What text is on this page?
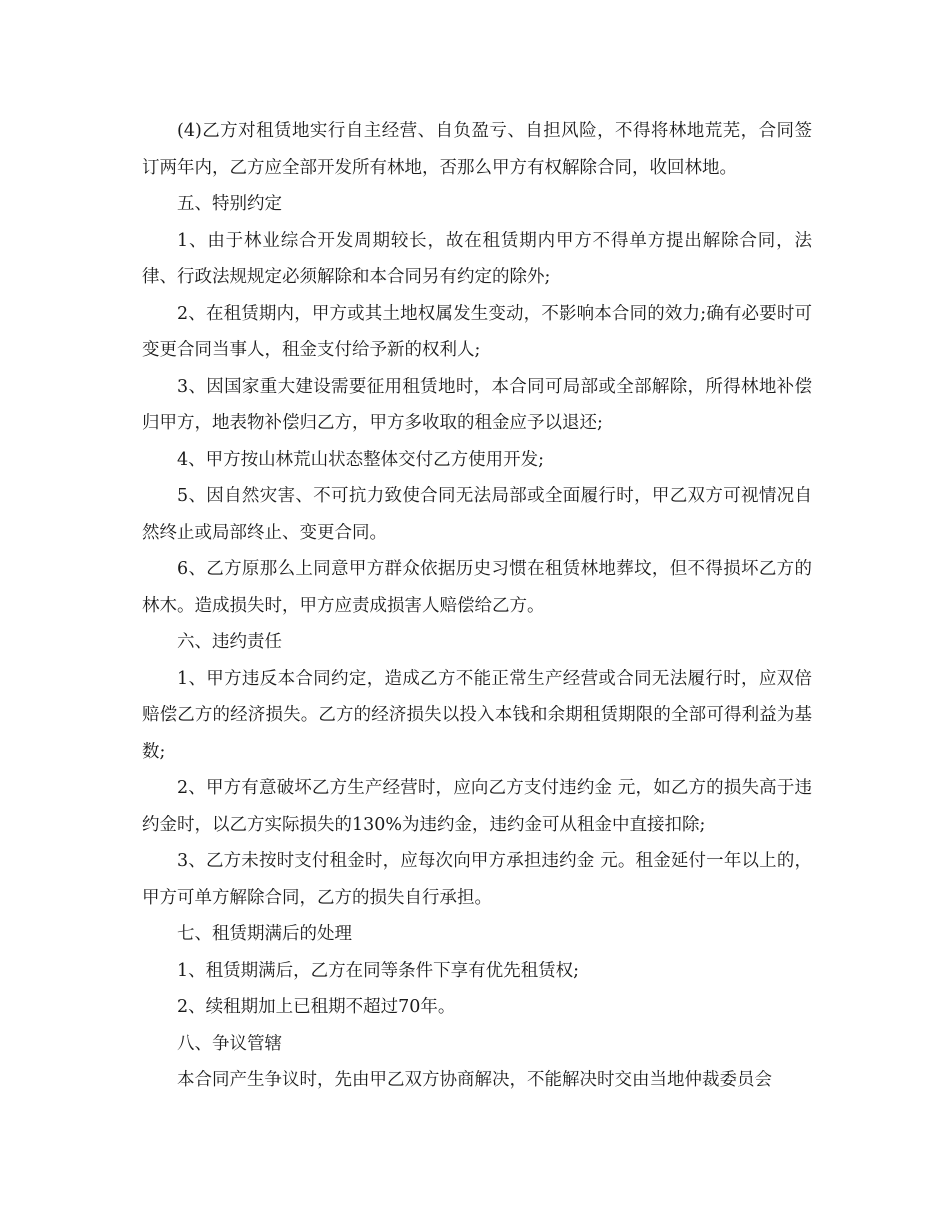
(4)乙方对租赁地实行自主经营、自负盈亏、自担风险，不得将林地荒芜，合同签订两年内，乙方应全部开发所有林地，否那么甲方有权解除合同，收回林地。

五、特别约定

1、由于林业综合开发周期较长，故在租赁期内甲方不得单方提出解除合同，法律、行政法规规定必须解除和本合同另有约定的除外;

2、在租赁期内，甲方或其土地权属发生变动，不影响本合同的效力;确有必要时可变更合同当事人，租金支付给予新的权利人;

3、因国家重大建设需要征用租赁地时，本合同可局部或全部解除，所得林地补偿归甲方，地表物补偿归乙方，甲方多收取的租金应予以退还;

4、甲方按山林荒山状态整体交付乙方使用开发;

5、因自然灾害、不可抗力致使合同无法局部或全面履行时，甲乙双方可视情况自然终止或局部终止、变更合同。

6、乙方原那么上同意甲方群众依据历史习惯在租赁林地葬坟，但不得损坏乙方的林木。造成损失时，甲方应责成损害人赔偿给乙方。

六、违约责任

1、甲方违反本合同约定，造成乙方不能正常生产经营或合同无法履行时，应双倍赔偿乙方的经济损失。乙方的经济损失以投入本钱和余期租赁期限的全部可得利益为基数;

2、甲方有意破坏乙方生产经营时，应向乙方支付违约金 元，如乙方的损失高于违约金时，以乙方实际损失的130%为违约金，违约金可从租金中直接扣除;

3、乙方未按时支付租金时，应每次向甲方承担违约金 元。租金延付一年以上的，甲方可单方解除合同，乙方的损失自行承担。

七、租赁期满后的处理

1、租赁期满后，乙方在同等条件下享有优先租赁权;

2、续租期加上已租期不超过70年。

八、争议管辖

本合同产生争议时，先由甲乙双方协商解决，不能解决时交由当地仲裁委员会
